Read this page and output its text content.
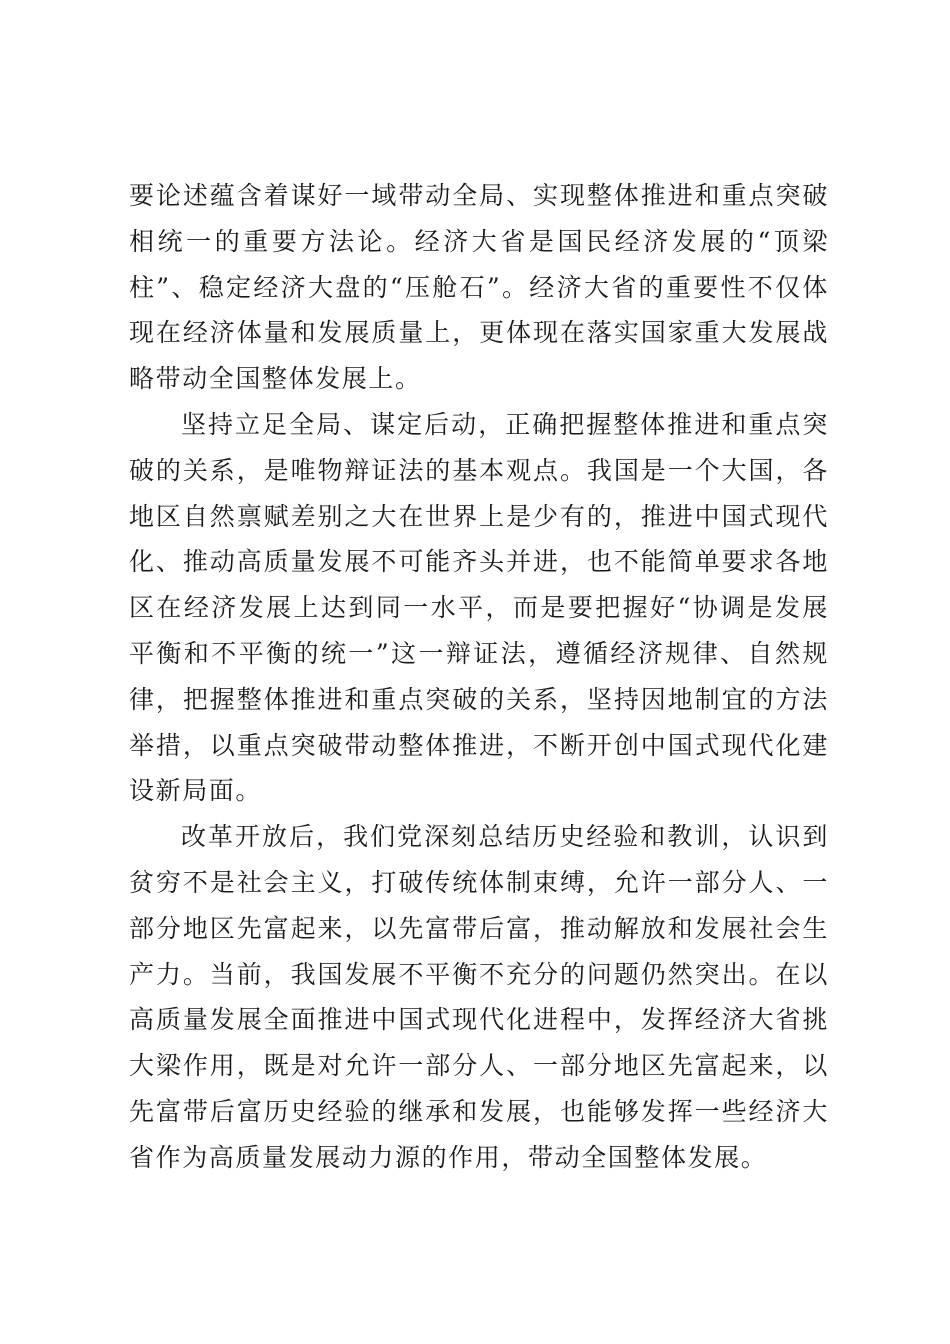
要论述蕴含着谋好一域带动全局、实现整体推进和重点突破相统一的重要方法论。经济大省是国民经济发展的“顶梁柱”、稳定经济大盘的“压舱石”。经济大省的重要性不仅体现在经济体量和发展质量上，更体现在落实国家重大发展战略带动全国整体发展上。

坚持立足全局、谋定后动，正确把握整体推进和重点突破的关系，是唯物辩证法的基本观点。我国是一个大国，各地区自然禀赋差别之大在世界上是少有的，推进中国式现代化、推动高质量发展不可能齐头并进，也不能简单要求各地区在经济发展上达到同一水平，而是要把握好“协调是发展平衡和不平衡的统一”这一辩证法，遵循经济规律、自然规律，把握整体推进和重点突破的关系，坚持因地制宜的方法举措，以重点突破带动整体推进，不断开创中国式现代化建设新局面。

改革开放后，我们党深刻总结历史经验和教训，认识到贫穷不是社会主义，打破传统体制束缚，允许一部分人、一部分地区先富起来，以先富带后富，推动解放和发展社会生产力。当前，我国发展不平衡不充分的问题仍然突出。在以高质量发展全面推进中国式现代化进程中，发挥经济大省挑大梁作用，既是对允许一部分人、一部分地区先富起来，以先富带后富历史经验的继承和发展，也能够发挥一些经济大省作为高质量发展动力源的作用，带动全国整体发展。
